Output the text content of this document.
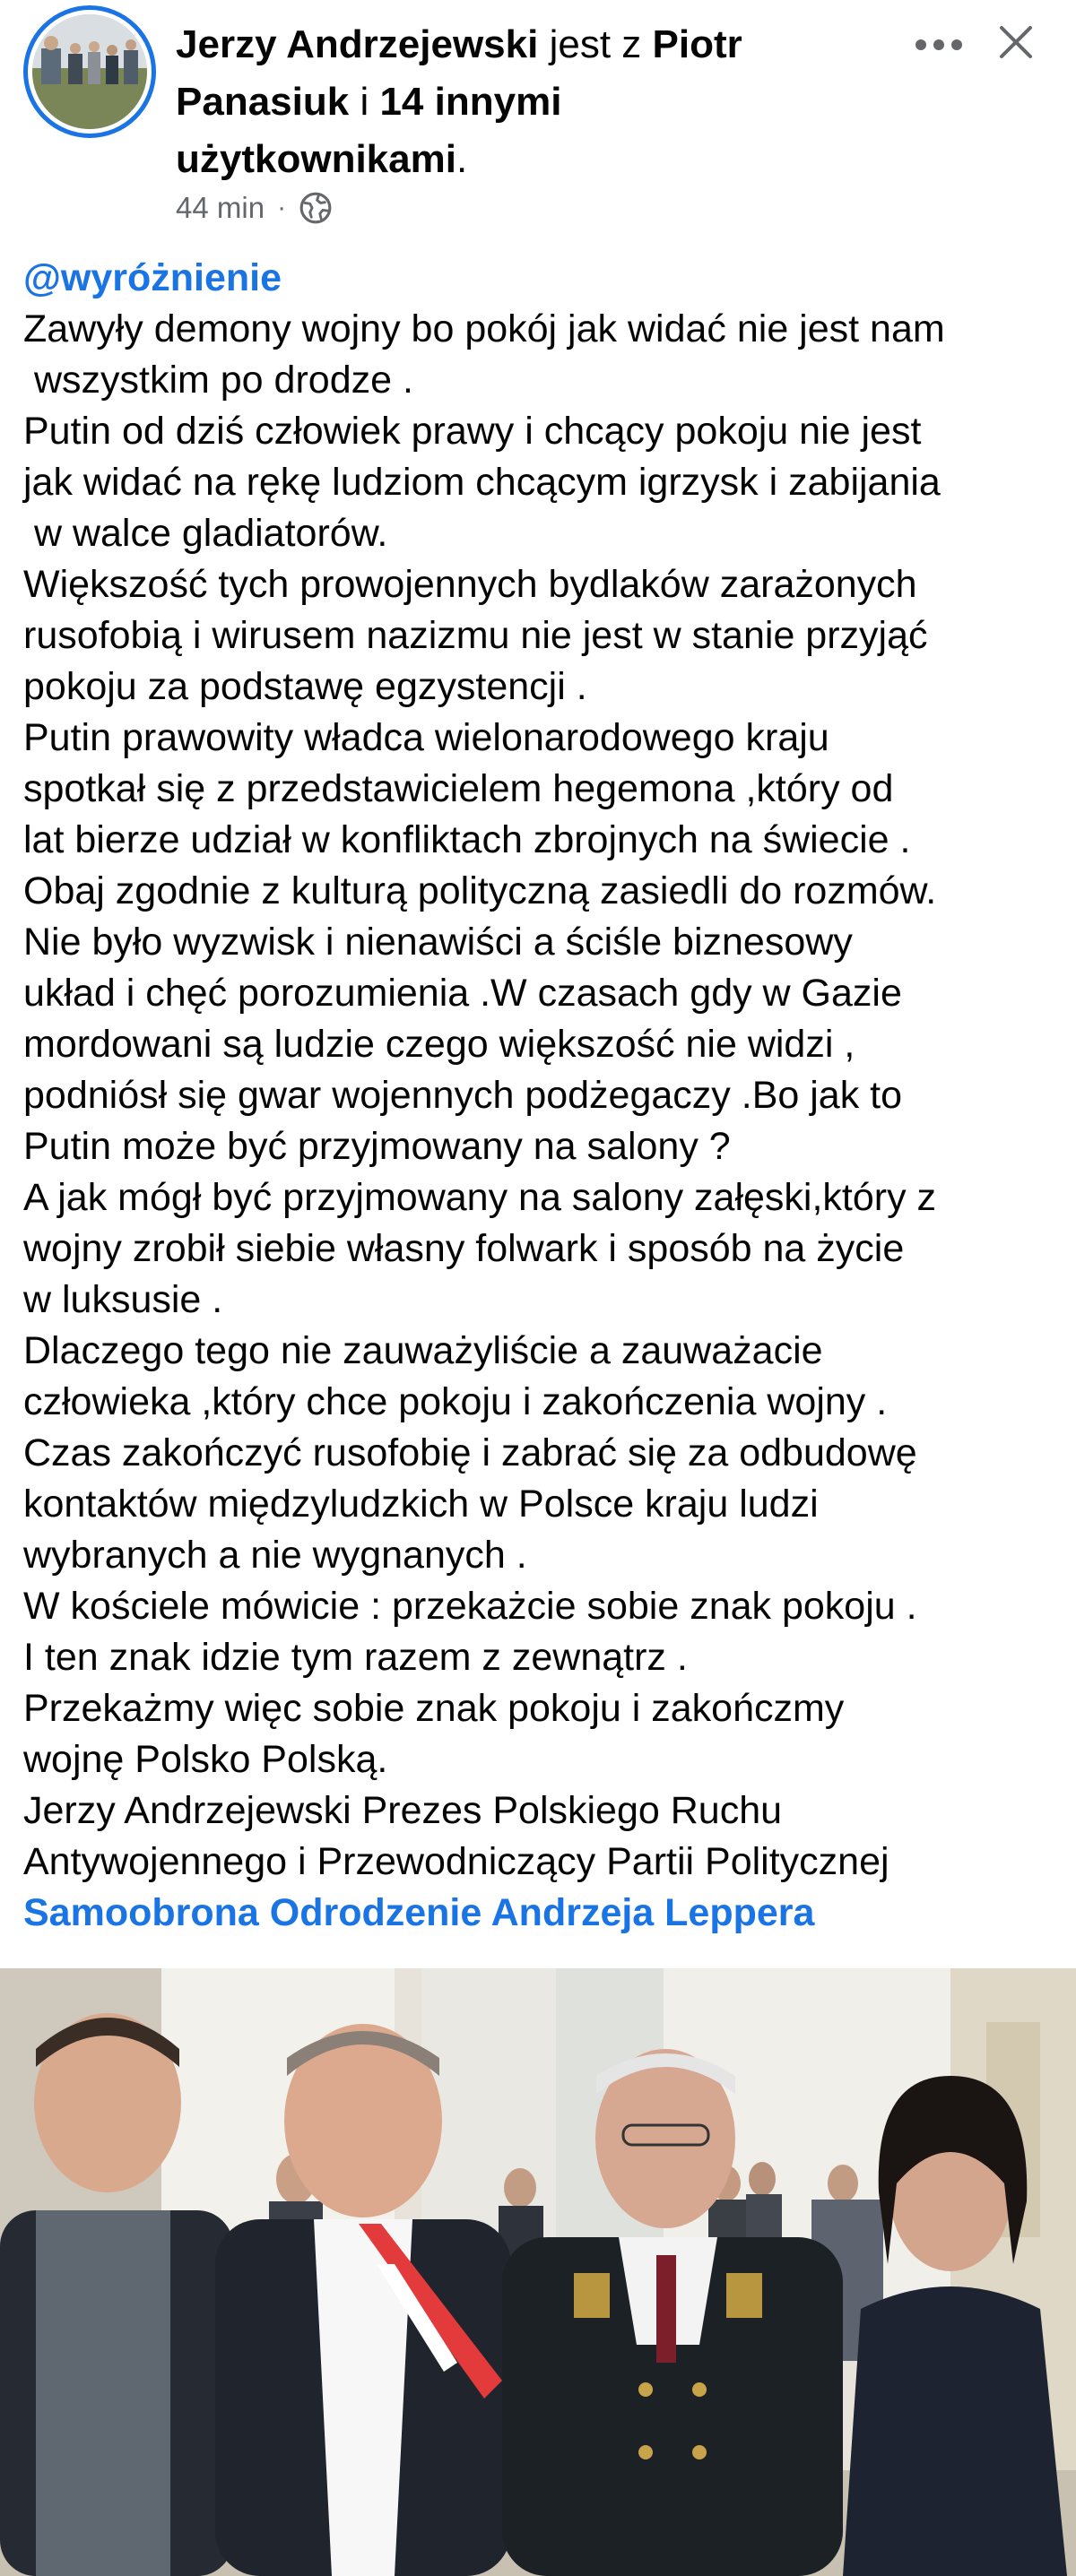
Jerzy Andrzejewski jest z Piotr Panasiuk i 14 innymi użytkownikami.
44 min ·
@wyróżnienie
Zawyły demony wojny bo pokój jak widać nie jest nam
wszystkim po drodze .
Putin od dziś człowiek prawy i chcący pokoju nie jest
jak widać na rękę ludziom chcącym igrzysk i zabijania
w walce gladiatorów.
Większość tych prowojennych bydlaków zarażonych
rusofobią i wirusem nazizmu nie jest w stanie przyjąć
pokoju za podstawę egzystencji .
Putin prawowity władca wielonarodowego kraju
spotkał się z przedstawicielem hegemona ,który od
lat bierze udział w konfliktach zbrojnych na świecie .
Obaj zgodnie z kulturą polityczną zasiedli do rozmów.
Nie było wyzwisk i nienawiści a ściśle biznesowy
układ i chęć porozumienia .W czasach gdy w Gazie
mordowani są ludzie czego większość nie widzi ,
podniósł się gwar wojennych podżegaczy .Bo jak to
Putin może być przyjmowany na salony ?
A jak mógł być przyjmowany na salony załęski,który z
wojny zrobił siebie własny folwark i sposób na życie
w luksusie .
Dlaczego tego nie zauważyliście a zauważacie
człowieka ,który chce pokoju i zakończenia wojny .
Czas zakończyć rusofobię i zabrać się za odbudowę
kontaktów międzyludzkich w Polsce kraju ludzi
wybranych a nie wygnanych .
W kościele mówicie : przekażcie sobie znak pokoju .
I ten znak idzie tym razem z zewnątrz .
Przekażmy więc sobie znak pokoju i zakończmy
wojnę Polsko Polską.
Jerzy Andrzejewski Prezes Polskiego Ruchu
Antywojennego i Przewodniczący Partii Politycznej
Samoobrona Odrodzenie Andrzeja Leppera
